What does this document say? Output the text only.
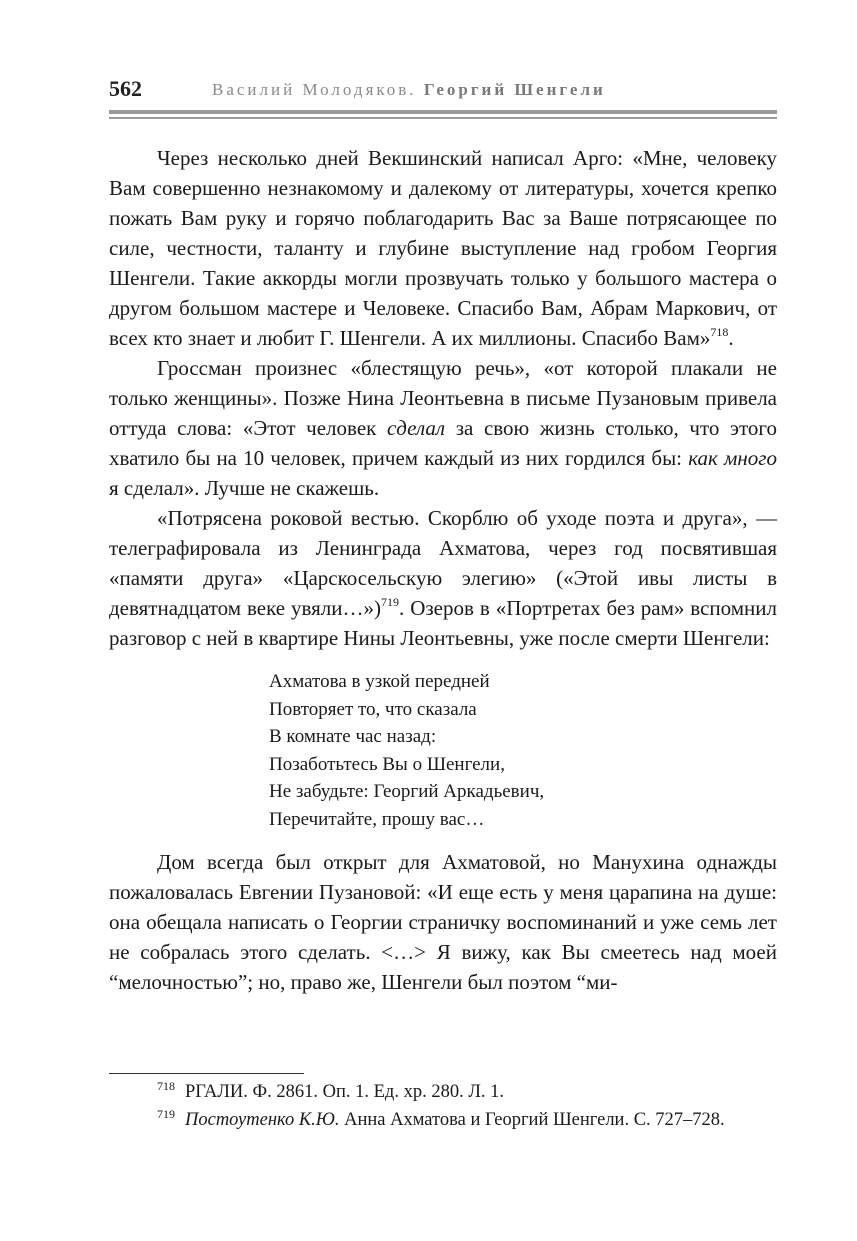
562	Василий Молодяков. Георгий Шенгели

Через несколько дней Векшинский написал Арго: «Мне, человеку Вам совершенно незнакомому и далекому от литературы, хочется крепко пожать Вам руку и горячо поблагодарить Вас за Ваше потрясающее по силе, честности, таланту и глубине выступление над гробом Георгия Шенгели. Такие аккорды могли прозвучать только у большого мастера о другом большом мастере и Человеке. Спасибо Вам, Абрам Маркович, от всех кто знает и любит Г. Шенгели. А их миллионы. Спасибо Вам»$^{718}$.

Гроссман произнес «блестящую речь», «от которой плакали не только женщины». Позже Нина Леонтьевна в письме Пузановым привела оттуда слова: «Этот человек сделал за свою жизнь столько, что этого хватило бы на 10 человек, причем каждый из них гордился бы: как много я сделал». Лучше не скажешь.

«Потрясена роковой вестью. Скорблю об уходе поэта и друга», — телеграфировала из Ленинграда Ахматова, через год посвятившая «памяти друга» «Царскосельскую элегию» («Этой ивы листы в девятнадцатом веке увяли…»)$^{719}$. Озеров в «Портретах без рам» вспомнил разговор с ней в квартире Нины Леонтьевны, уже после смерти Шенгели:

Ахматова в узкой передней
Повторяет то, что сказала
В комнате час назад:
Позаботьтесь Вы о Шенгели,
Не забудьте: Георгий Аркадьевич,
Перечитайте, прошу вас…

Дом всегда был открыт для Ахматовой, но Манухина однажды пожаловалась Евгении Пузановой: «И еще есть у меня царапина на душе: она обещала написать о Георгии страничку воспоминаний и уже семь лет не собралась этого сделать. <…> Я вижу, как Вы смеетесь над моей “мелочностью”; но, право же, Шенгели был поэтом “ми-

$^{718}$ РГАЛИ. Ф. 2861. Оп. 1. Ед. хр. 280. Л. 1.
$^{719}$ Постоутенко К.Ю. Анна Ахматова и Георгий Шенгели. С. 727–728.
